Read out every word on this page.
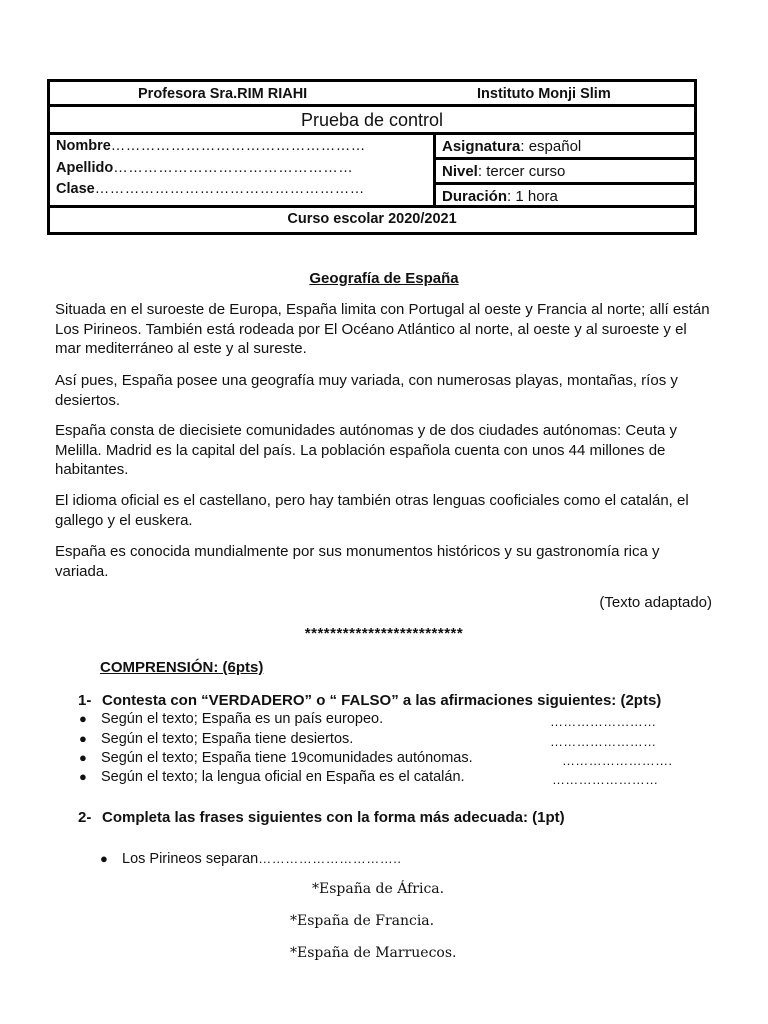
Profesora Sra.RIM RIAHI	Instituto Monji Slim
Prueba de control
Nombre……………………………………………
Apellido…………………………………………
Clase………………………………………………
Asignatura: español
Nivel: tercer curso
Duración: 1 hora
Curso escolar 2020/2021
Geografía de España

Situada en el suroeste de Europa, España limita con Portugal al oeste y Francia al norte; allí están Los Pirineos. También está rodeada por El Océano Atlántico al norte, al oeste y al suroeste y el mar mediterráneo al este y al sureste.

Así pues, España posee una geografía muy variada, con numerosas playas, montañas, ríos y desiertos.

España consta de diecisiete comunidades autónomas y de dos ciudades autónomas: Ceuta y Melilla. Madrid es la capital del país. La población española cuenta con unos 44 millones de habitantes.

El idioma oficial es el castellano, pero hay también otras lenguas cooficiales como el catalán, el gallego y el euskera.

España es conocida mundialmente por sus monumentos históricos y su gastronomía rica y variada.

(Texto adaptado)
*************************
COMPRENSIÓN: (6pts)
1- Contesta con “VERDADERO” o “ FALSO” a las afirmaciones siguientes: (2pts)
● Según el texto; España es un país europeo.	……………………
● Según el texto; España tiene desiertos.	……………………
● Según el texto; España tiene 19comunidades autónomas.	…………………….
● Según el texto; la lengua oficial en España es el catalán.	……………………
2- Completa las frases siguientes con la forma más adecuada: (1pt)
● Los Pirineos separan…………………………..
*España de África.
*España de Francia.
*España de Marruecos.
